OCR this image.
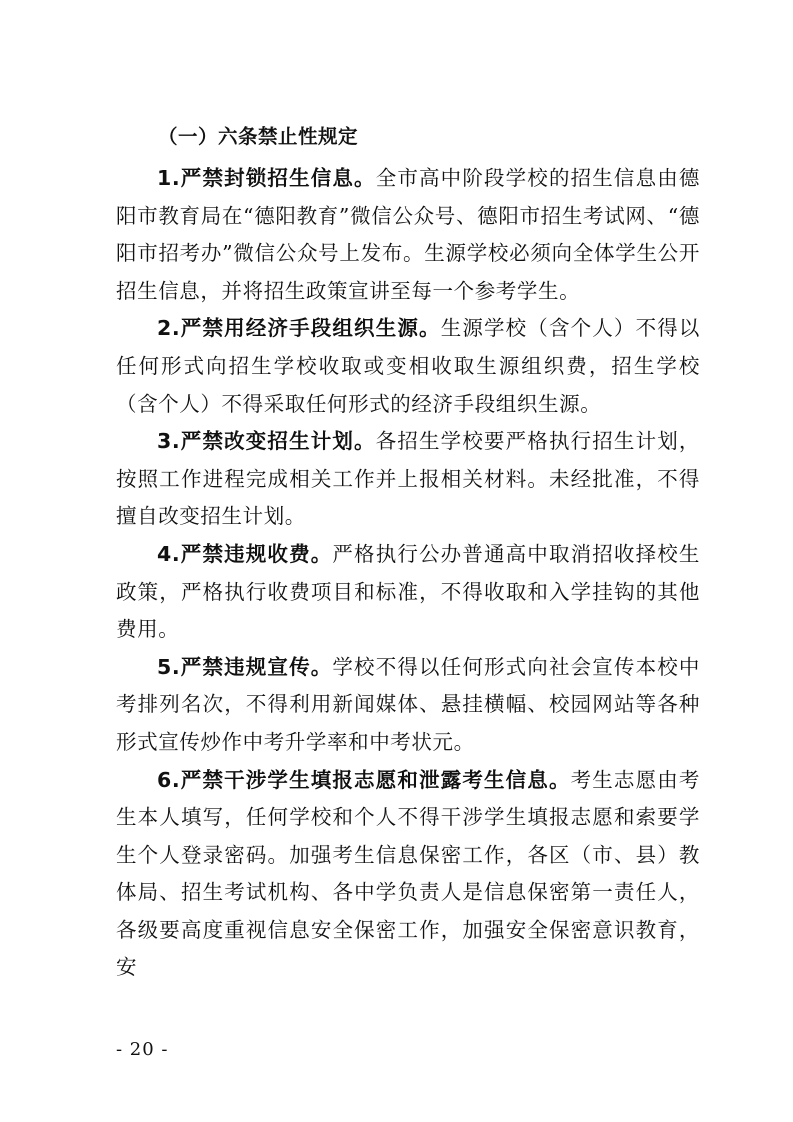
（一）六条禁止性规定

1.严禁封锁招生信息。全市高中阶段学校的招生信息由德阳市教育局在“德阳教育”微信公众号、德阳市招生考试网、“德阳市招考办”微信公众号上发布。生源学校必须向全体学生公开招生信息，并将招生政策宣讲至每一个参考学生。

2.严禁用经济手段组织生源。生源学校（含个人）不得以任何形式向招生学校收取或变相收取生源组织费，招生学校（含个人）不得采取任何形式的经济手段组织生源。

3.严禁改变招生计划。各招生学校要严格执行招生计划，按照工作进程完成相关工作并上报相关材料。未经批准，不得擅自改变招生计划。

4.严禁违规收费。严格执行公办普通高中取消招收择校生政策，严格执行收费项目和标准，不得收取和入学挂钩的其他费用。

5.严禁违规宣传。学校不得以任何形式向社会宣传本校中考排列名次，不得利用新闻媒体、悬挂横幅、校园网站等各种形式宣传炒作中考升学率和中考状元。

6.严禁干涉学生填报志愿和泄露考生信息。考生志愿由考生本人填写，任何学校和个人不得干涉学生填报志愿和索要学生个人登录密码。加强考生信息保密工作，各区（市、县）教体局、招生考试机构、各中学负责人是信息保密第一责任人，各级要高度重视信息安全保密工作，加强安全保密意识教育，安

- 20 -
